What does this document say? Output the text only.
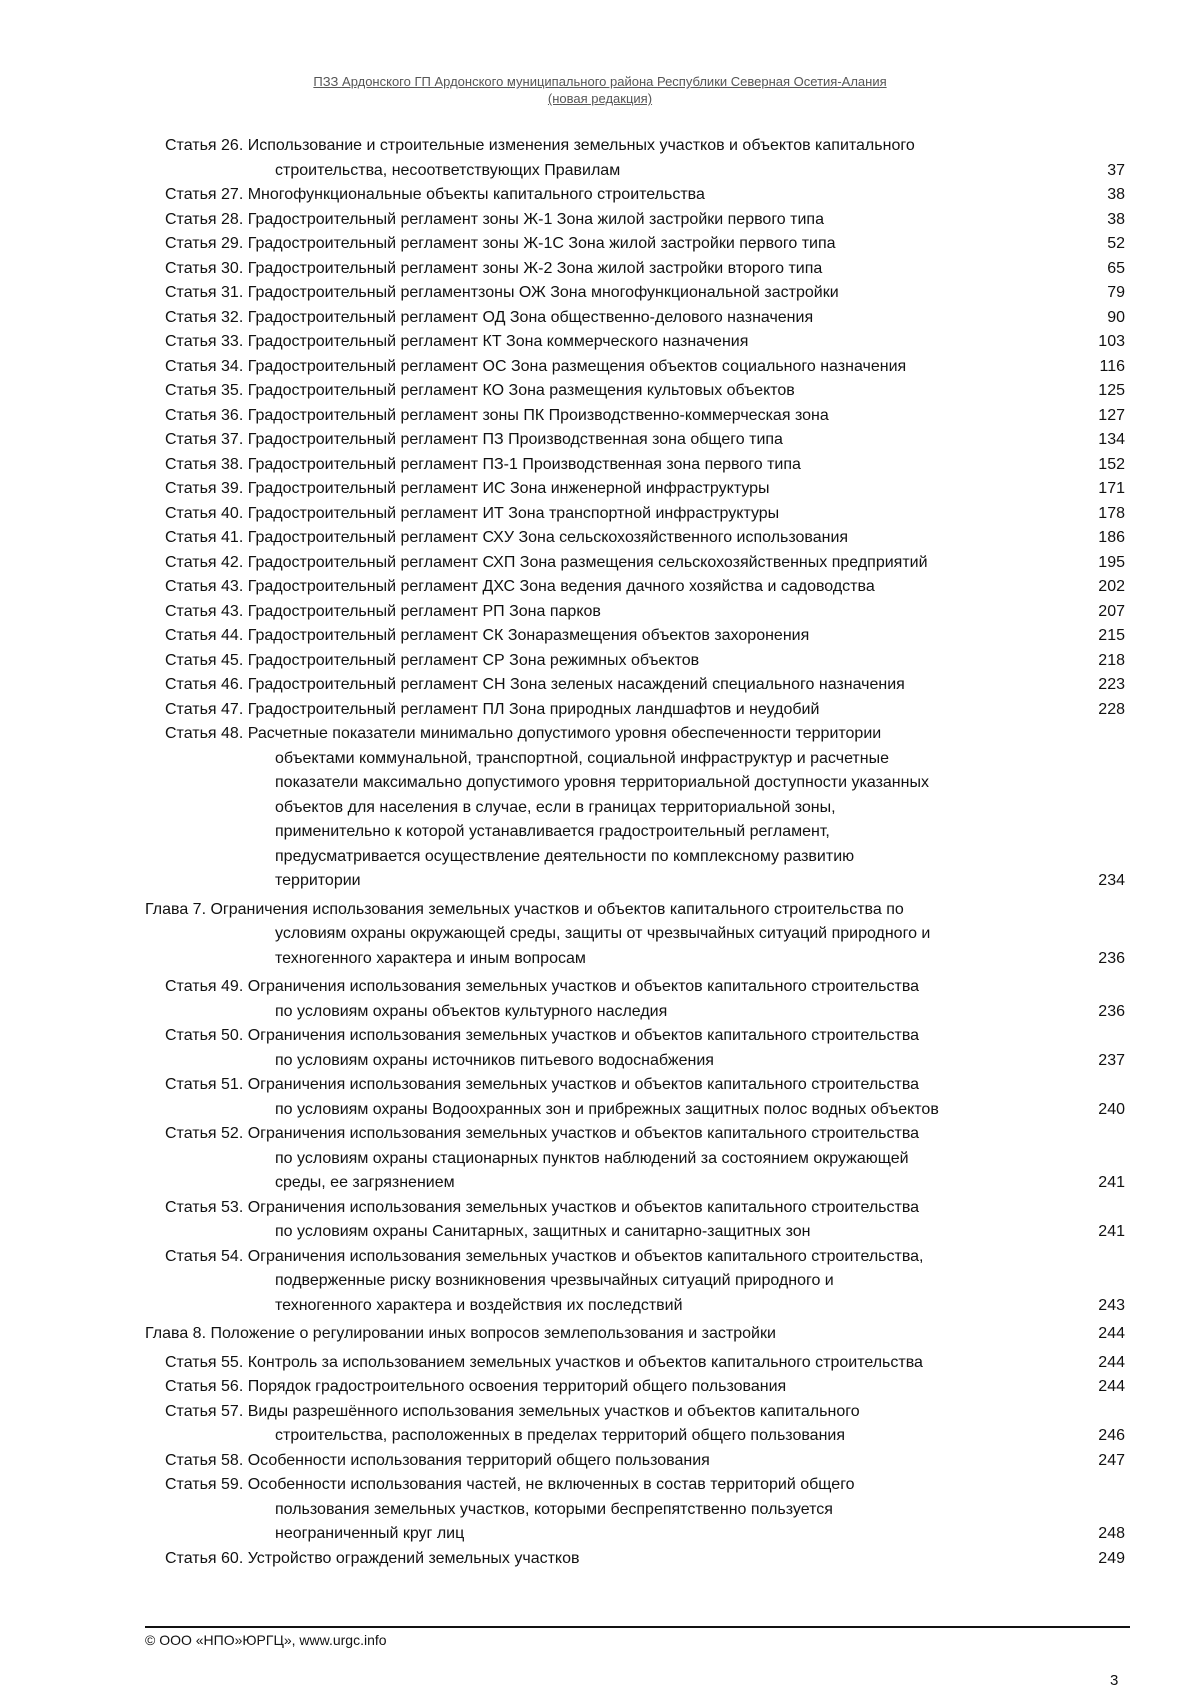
ПЗЗ Ардонского ГП Ардонского муниципального района Республики Северная Осетия-Алания
(новая редакция)
Статья 26. Использование и строительные изменения земельных участков и объектов капитального
строительства, несоответствующих Правилам	37
Статья 27. Многофункциональные объекты капитального строительства	38
Статья 28. Градостроительный регламент зоны Ж-1 Зона жилой застройки первого типа	38
Статья 29. Градостроительный регламент зоны Ж-1С Зона жилой застройки первого типа	52
Статья 30. Градостроительный регламент зоны Ж-2 Зона жилой застройки второго типа	65
Статья 31. Градостроительный регламентзоны ОЖ Зона многофункциональной застройки	79
Статья 32. Градостроительный регламент ОД Зона общественно-делового назначения	90
Статья 33. Градостроительный регламент КТ Зона коммерческого назначения	103
Статья 34. Градостроительный регламент ОС Зона размещения объектов социального назначения	116
Статья 35. Градостроительный регламент КО Зона размещения культовых объектов	125
Статья 36. Градостроительный регламент зоны ПК Производственно-коммерческая зона	127
Статья 37. Градостроительный регламент ПЗ Производственная зона общего типа	134
Статья 38. Градостроительный регламент ПЗ-1 Производственная зона первого типа	152
Статья 39. Градостроительный регламент ИС Зона инженерной инфраструктуры	171
Статья 40. Градостроительный регламент ИТ Зона транспортной инфраструктуры	178
Статья 41. Градостроительный регламент СХУ Зона сельскохозяйственного использования	186
Статья 42. Градостроительный регламент СХП Зона размещения сельскохозяйственных предприятий	195
Статья 43. Градостроительный регламент ДХС Зона ведения дачного хозяйства и садоводства	202
Статья 43. Градостроительный регламент РП Зона парков	207
Статья 44. Градостроительный регламент СК Зонаразмещения объектов захоронения	215
Статья 45. Градостроительный регламент СР Зона режимных объектов	218
Статья 46. Градостроительный регламент СН Зона зеленых насаждений специального назначения	223
Статья 47. Градостроительный регламент ПЛ Зона природных ландшафтов и неудобий	228
Статья 48. Расчетные показатели минимально допустимого уровня обеспеченности территории
объектами коммунальной, транспортной, социальной инфраструктур и расчетные
показатели максимально допустимого уровня территориальной доступности указанных
объектов для населения в случае, если в границах территориальной зоны,
применительно к которой устанавливается градостроительный регламент,
предусматривается осуществление деятельности по комплексному развитию
территории	234
Глава 7. Ограничения использования земельных участков и объектов капитального строительства по
условиям охраны окружающей среды, защиты от чрезвычайных ситуаций природного и
техногенного характера и иным вопросам	236
Статья 49. Ограничения использования земельных участков и объектов капитального строительства
по условиям охраны объектов культурного наследия	236
Статья 50. Ограничения использования земельных участков и объектов капитального строительства
по условиям охраны источников питьевого водоснабжения	237
Статья 51. Ограничения использования земельных участков и объектов капитального строительства
по условиям охраны Водоохранных зон и прибрежных защитных полос водных объектов	240
Статья 52. Ограничения использования земельных участков и объектов капитального строительства
по условиям охраны стационарных пунктов наблюдений за состоянием окружающей
среды, ее загрязнением	241
Статья 53. Ограничения использования земельных участков и объектов капитального строительства
по условиям охраны Санитарных, защитных и санитарно-защитных зон	241
Статья 54. Ограничения использования земельных участков и объектов капитального строительства,
подверженные риску возникновения чрезвычайных ситуаций природного и
техногенного характера и воздействия их последствий	243
Глава 8. Положение о регулировании иных вопросов землепользования и застройки	244
Статья 55. Контроль за использованием земельных участков и объектов капитального строительства	244
Статья 56. Порядок градостроительного освоения территорий общего пользования	244
Статья 57. Виды разрешённого использования земельных участков и объектов капитального
строительства, расположенных в пределах территорий общего пользования	246
Статья 58. Особенности использования территорий общего пользования	247
Статья 59. Особенности использования частей, не включенных в состав территорий общего
пользования земельных участков, которыми беспрепятственно пользуется
неограниченный круг лиц	248
Статья 60. Устройство ограждений земельных участков	249
© ООО «НПО»ЮРГЦ», www.urgc.info
3
